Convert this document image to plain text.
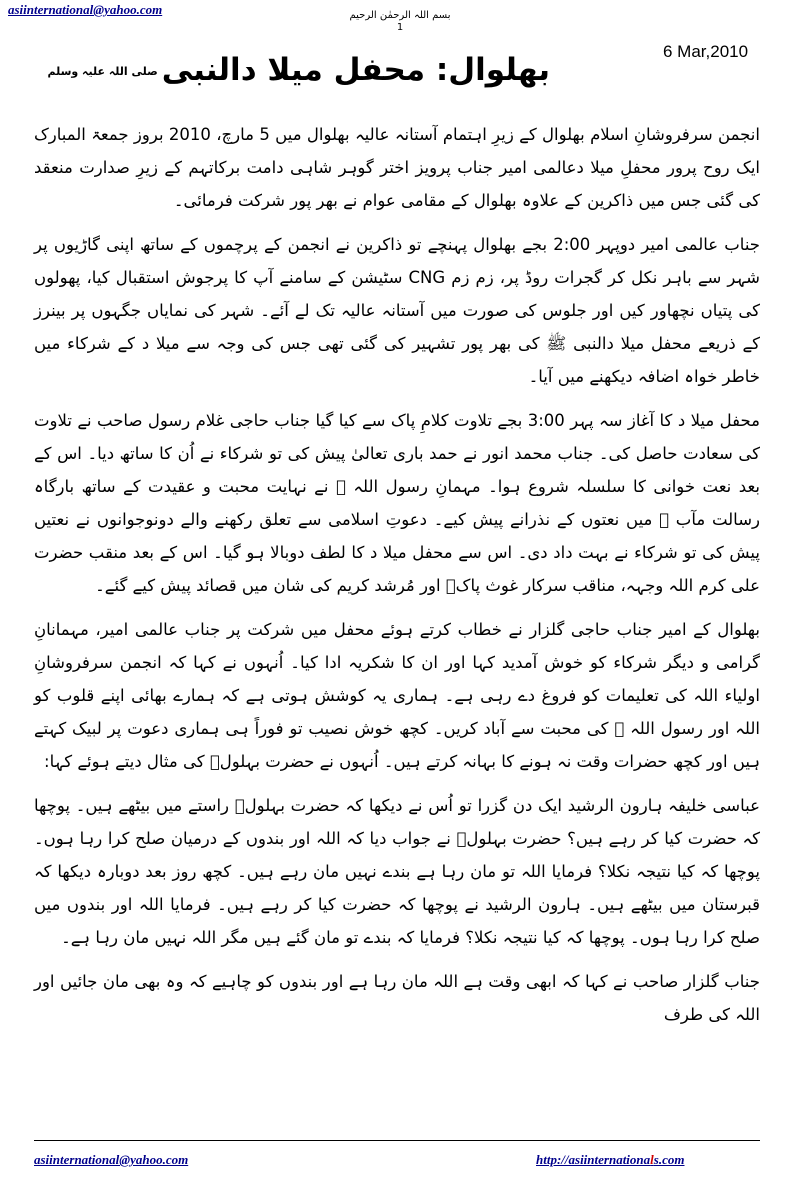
asiinternational@yahoo.com	بسم اللہ الرحمٰن الرحیم
1
6 Mar,2010
بھلوال: محفل میلا دالنبیصلی اللہ علیہ وسلم

انجمن سرفروشانِ اسلام بھلوال کے زیرِ اہتمام آستانہ عالیہ بھلوال میں 5 مارچ، 2010 بروز جمعۃ المبارک ایک روح پرور محفلِ میلا دعالمی امیر جناب پرویز اختر گوہر شاہی دامت برکاتہم کے زیرِ صدارت منعقد کی گئی جس میں ذاکرین کے علاوہ بھلوال کے مقامی عوام نے بھر پور شرکت فرمائی۔

جناب عالمی امیر دوپہر 2:00 بجے بھلوال پہنچے تو ذاکرین نے انجمن کے پرچموں کے ساتھ اپنی گاڑیوں پر شہر سے باہر نکل کر گجرات روڈ پر، زم زم CNG سٹیشن کے سامنے آپ کا پرجوش استقبال کیا، پھولوں کی پتیاں نچھاور کیں اور جلوس کی صورت میں آستانہ عالیہ تک لے آئے۔ شہر کی نمایاں جگہوں پر بینرز کے ذریعے محفل میلا دالنبی ﷺ کی بھر پور تشہیر کی گئی تھی جس کی وجہ سے میلا د کے شرکاء میں خاطر خواہ اضافہ دیکھنے میں آیا۔

محفل میلا د کا آغاز سہ پہر 3:00 بجے تلاوت کلامِ پاک سے کیا گیا جناب حاجی غلام رسول صاحب نے تلاوت کی سعادت حاصل کی۔ جناب محمد انور نے حمد باری تعالیٰ پیش کی تو شرکاء نے اُن کا ساتھ دیا۔ اس کے بعد نعت خوانی کا سلسلہ شروع ہوا۔ مہمانِ رسول اللہ ﷺ نے نہایت محبت و عقیدت کے ساتھ بارگاہ رسالت مآب ﷺ میں نعتوں کے نذرانے پیش کیے۔ دعوتِ اسلامی سے تعلق رکھنے والے دونوجوانوں نے نعتیں پیش کی تو شرکاء نے بہت داد دی۔ اس سے محفل میلا د کا لطف دوبالا ہو گیا۔ اس کے بعد منقب حضرت علی کرم اللہ وجہہ، مناقب سرکار غوث پاکؓ اور مُرشد کریم کی شان میں قصائد پیش کیے گئے۔

بھلوال کے امیر جناب حاجی گلزار نے خطاب کرتے ہوئے محفل میں شرکت پر جناب عالمی امیر، مہمانانِ گرامی و دیگر شرکاء کو خوش آمدید کہا اور ان کا شکریہ ادا کیا۔ اُنہوں نے کہا کہ انجمن سرفروشانِ اولیاء اللہ کی تعلیمات کو فروغ دے رہی ہے۔ ہماری یہ کوشش ہوتی ہے کہ ہمارے بھائی اپنے قلوب کو اللہ اور رسول اللہ ﷺ کی محبت سے آباد کریں۔ کچھ خوش نصیب تو فوراً ہی ہماری دعوت پر لبیک کہتے ہیں اور کچھ حضرات وقت نہ ہونے کا بہانہ کرتے ہیں۔ اُنہوں نے حضرت بہلولؒ کی مثال دیتے ہوئے کہا:

عباسی خلیفہ ہارون الرشید ایک دن گزرا تو اُس نے دیکھا کہ حضرت بہلولؒ راستے میں بیٹھے ہیں۔ پوچھا کہ حضرت کیا کر رہے ہیں؟ حضرت بہلولؒ نے جواب دیا کہ اللہ اور بندوں کے درمیان صلح کرا رہا ہوں۔ پوچھا کہ کیا نتیجہ نکلا؟ فرمایا اللہ تو مان رہا ہے بندے نہیں مان رہے ہیں۔ کچھ روز بعد دوبارہ دیکھا کہ قبرستان میں بیٹھے ہیں۔ ہارون الرشید نے پوچھا کہ حضرت کیا کر رہے ہیں۔ فرمایا اللہ اور بندوں میں صلح کرا رہا ہوں۔ پوچھا کہ کیا نتیجہ نکلا؟ فرمایا کہ بندے تو مان گئے ہیں مگر اللہ نہیں مان رہا ہے۔

جناب گلزار صاحب نے کہا کہ ابھی وقت ہے اللہ مان رہا ہے اور بندوں کو چاہیے کہ وہ بھی مان جائیں اور اللہ کی طرف

asiinternational@yahoo.com	http://asiinternationals.com
